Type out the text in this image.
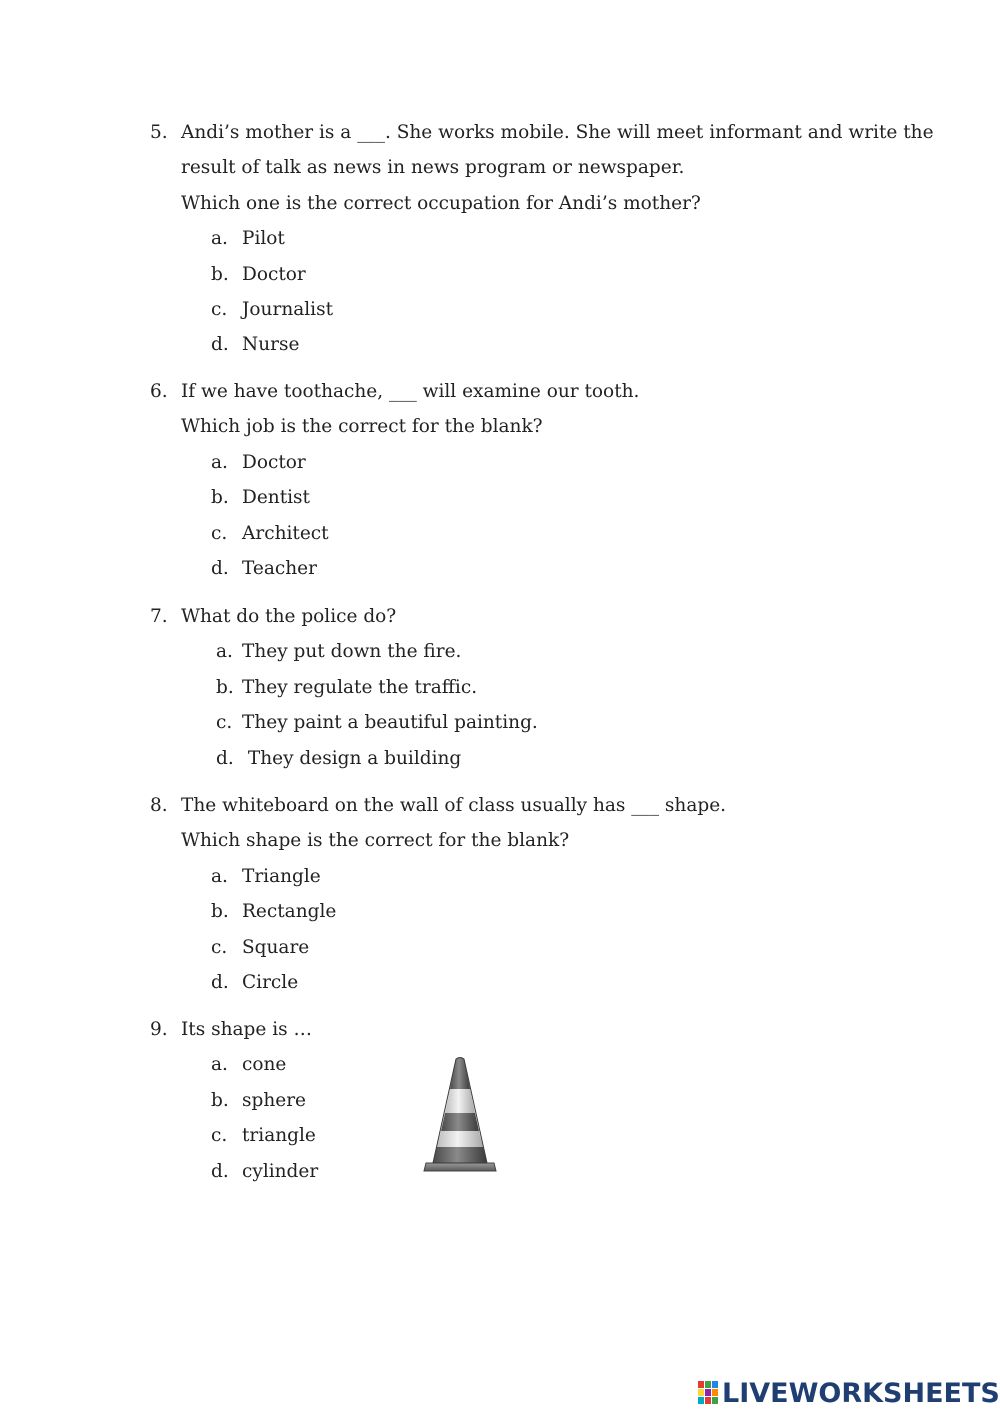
5. Andi’s mother is a ___. She works mobile. She will meet informant and write the
result of talk as news in news program or newspaper.
Which one is the correct occupation for Andi’s mother?
a. Pilot
b. Doctor
c. Journalist
d. Nurse
6. If we have toothache, ___ will examine our tooth.
Which job is the correct for the blank?
a. Doctor
b. Dentist
c. Architect
d. Teacher
7. What do the police do?
a. They put down the fire.
b. They regulate the traffic.
c. They paint a beautiful painting.
d. They design a building
8. The whiteboard on the wall of class usually has ___ shape.
Which shape is the correct for the blank?
a. Triangle
b. Rectangle
c. Square
d. Circle
9. Its shape is …
a. cone
b. sphere
c. triangle
d. cylinder
LIVEWORKSHEETS
